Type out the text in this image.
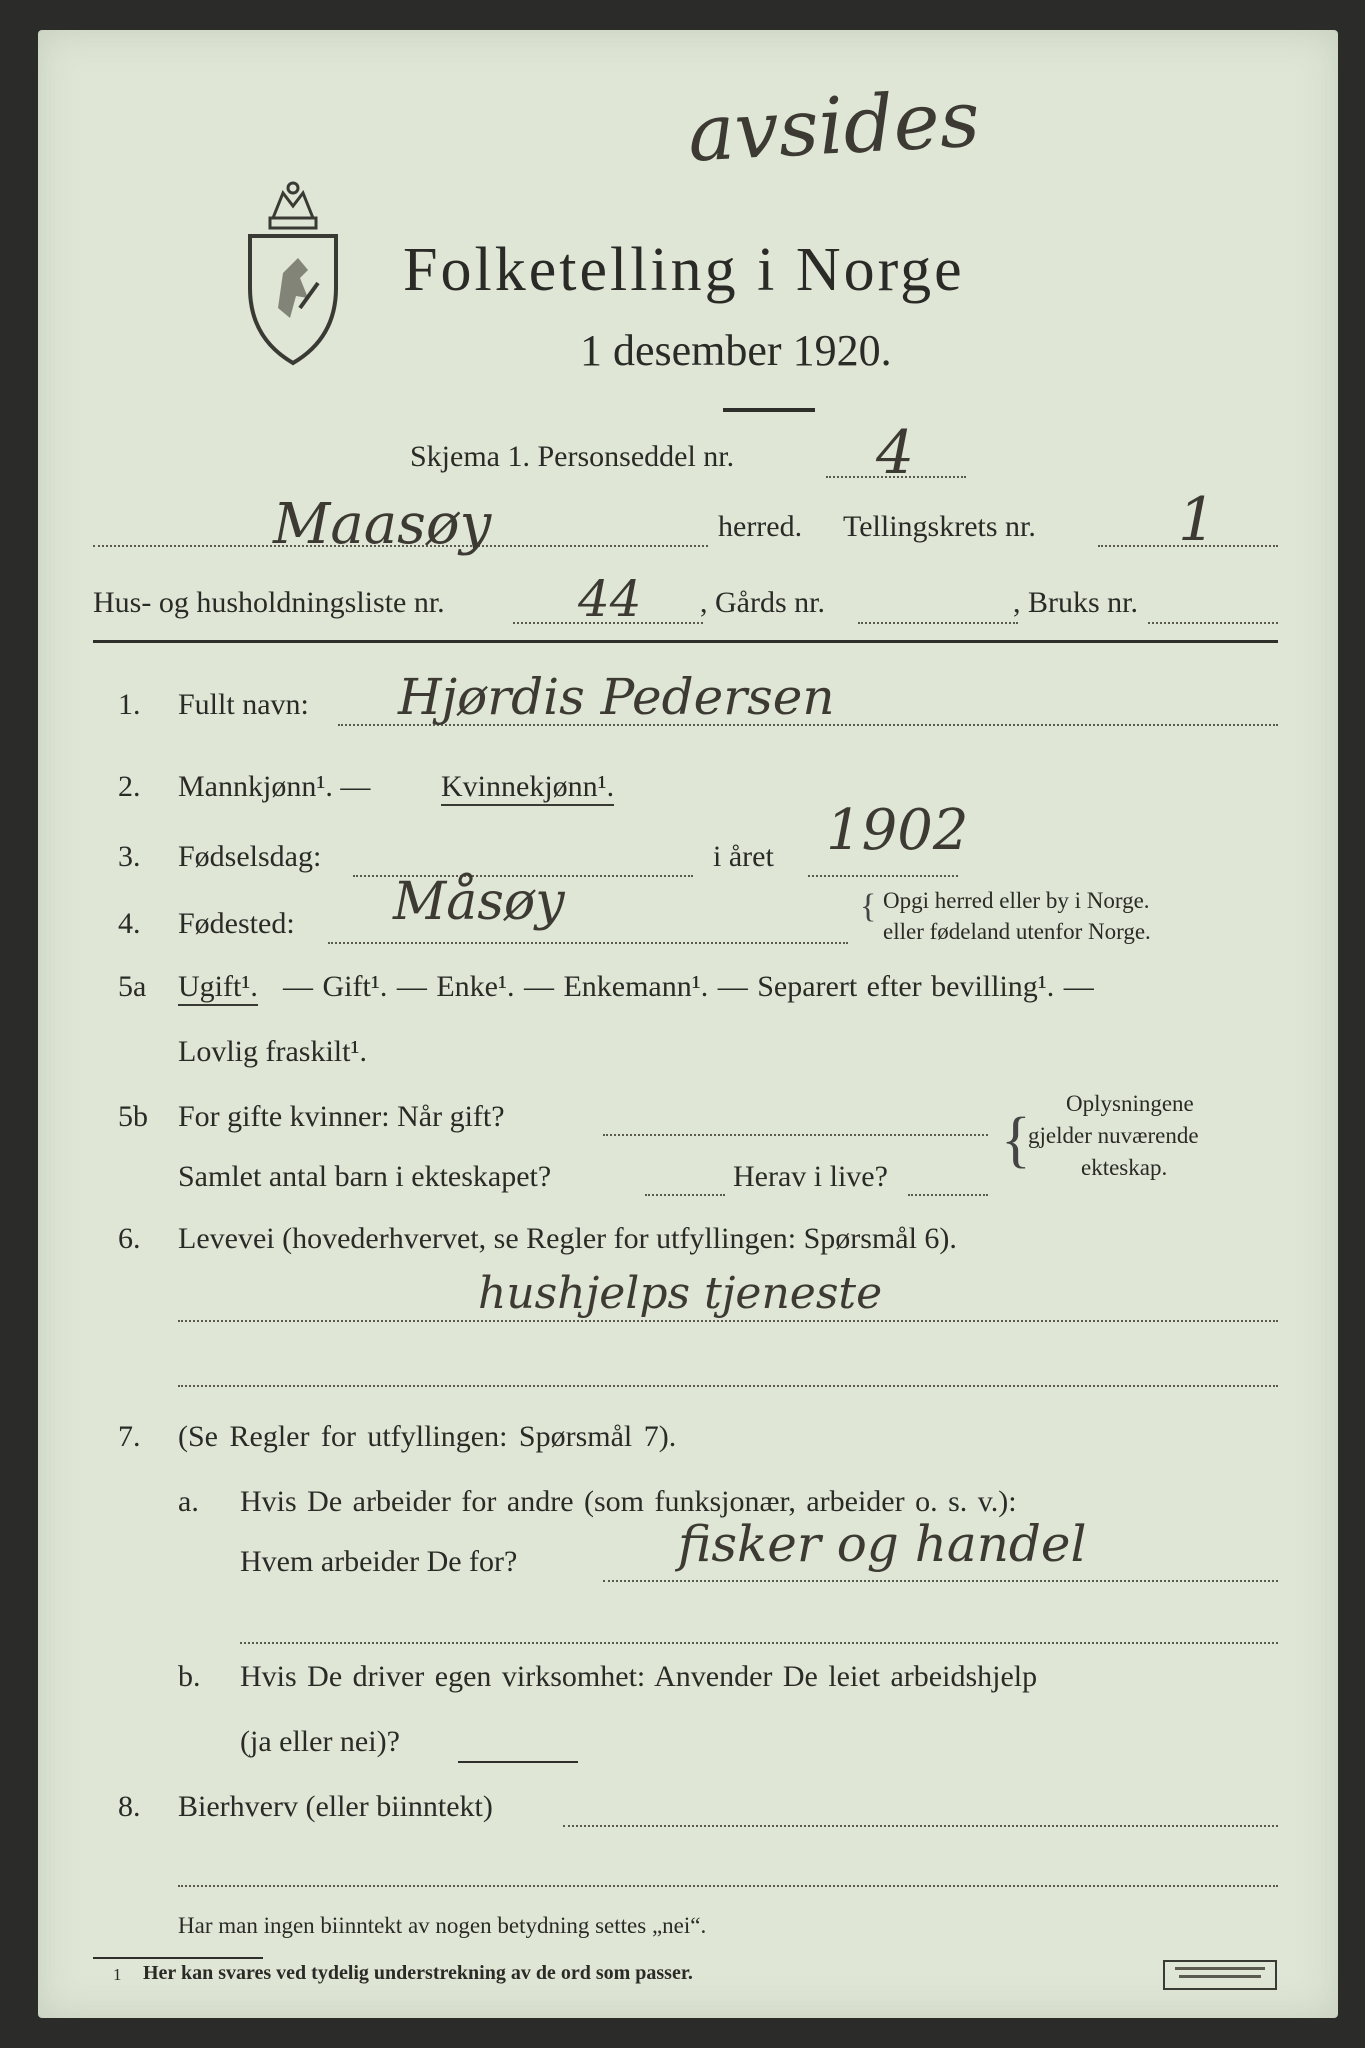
avsides
Folketelling i Norge
1 desember 1920.
Skjema 1. Personseddel nr. 4
Maasøy	herred. Tellingskrets nr. 1
Hus- og husholdningsliste nr.	44 , Gårds nr.	, Bruks nr.
1. Fullt navn: Hjørdis Pedersen
2. Mannkjønn¹. — Kvinnekjønn¹.
3. Fødselsdag:	i året 1902
4. Fødested: Måsøy	{ Opgi herred eller by i Norge.
eller fødeland utenfor Norge.
5a Ugift¹. — Gift¹. — Enke¹. — Enkemann¹. — Separert efter bevilling¹. —
Lovlig fraskilt¹.
5b For gifte kvinner: Når gift?
Samlet antal barn i ekteskapet?	Herav i live?
{
Oplysningene
gjelder nuværende
ekteskap.
6. Levevei (hovederhvervet, se Regler for utfyllingen: Spørsmål 6).
hushjelps tjeneste
7. (Se Regler for utfyllingen: Spørsmål 7).
a. Hvis De arbeider for andre (som funksjonær, arbeider o. s. v.):
Hvem arbeider De for?	fisker og handel
b. Hvis De driver egen virksomhet: Anvender De leiet arbeidshjelp
(ja eller nei)?
8. Bierhverv (eller biinntekt)
Har man ingen biinntekt av nogen betydning settes „nei“.
1 Her kan svares ved tydelig understrekning av de ord som passer.
